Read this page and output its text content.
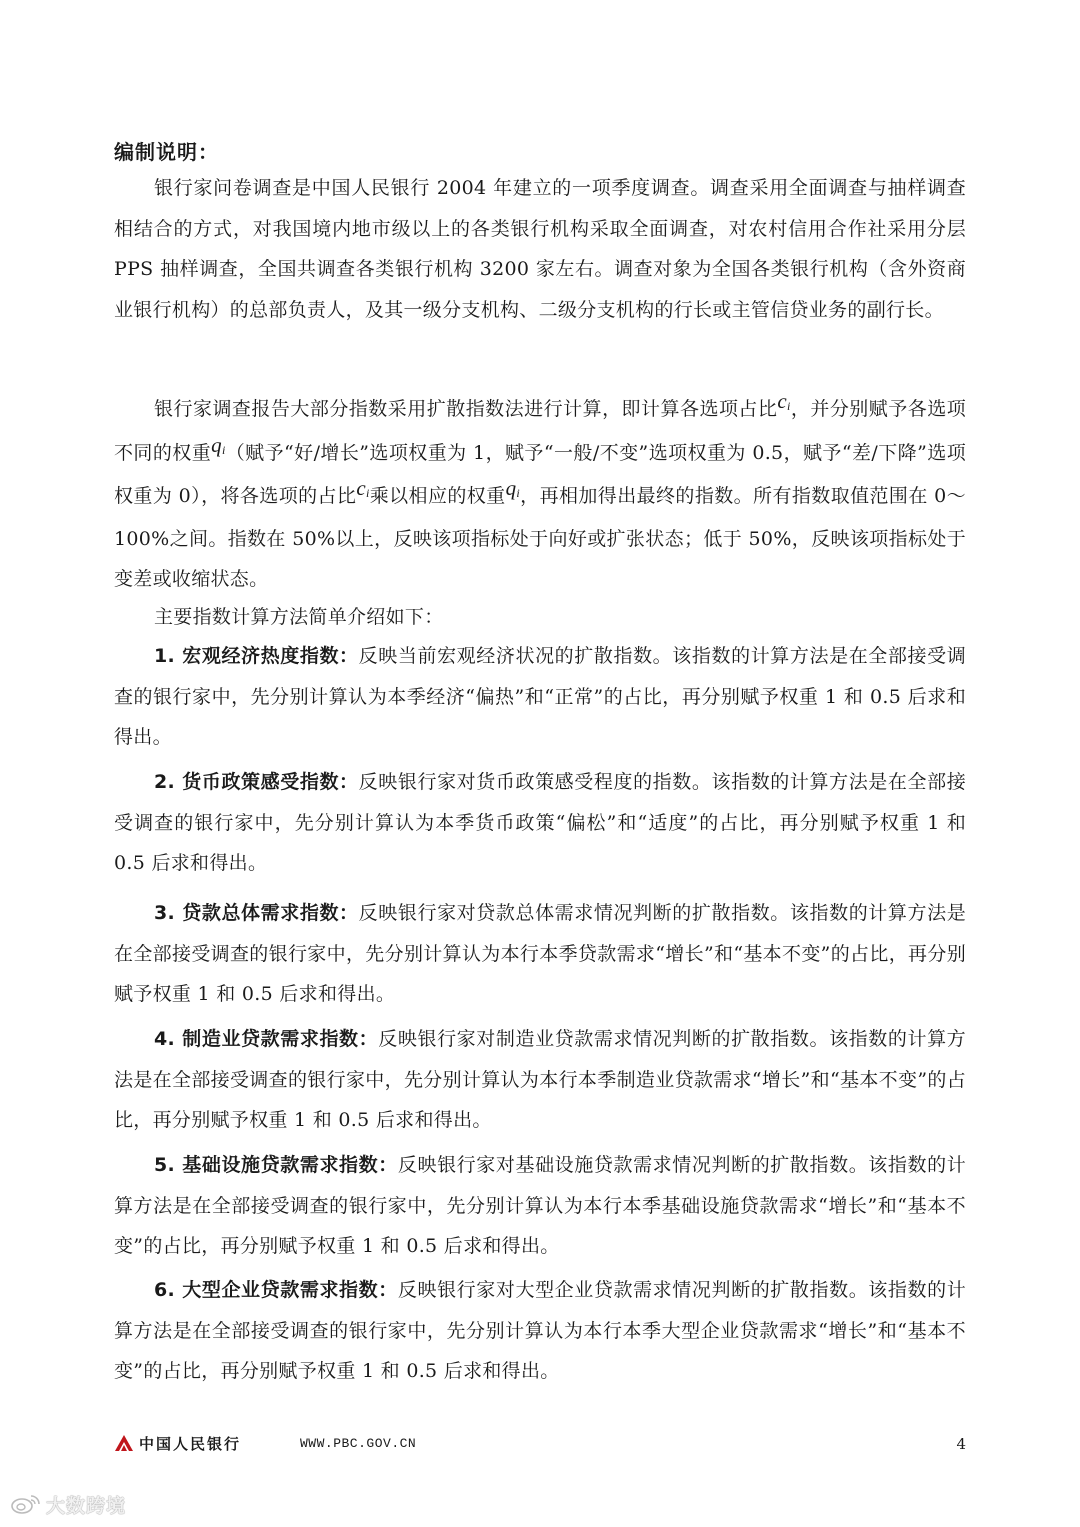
编制说明：
银行家问卷调查是中国人民银行 2004 年建立的一项季度调查。调查采用全面调查与抽样调查相结合的方式，对我国境内地市级以上的各类银行机构采取全面调查，对农村信用合作社采用分层 PPS 抽样调查，全国共调查各类银行机构 3200 家左右。调查对象为全国各类银行机构（含外资商业银行机构）的总部负责人，及其一级分支机构、二级分支机构的行长或主管信贷业务的副行长。
银行家调查报告大部分指数采用扩散指数法进行计算，即计算各选项占比$c_i$，并分别赋予各选项不同的权重$q_i$（赋予“好/增长”选项权重为 1，赋予“一般/不变”选项权重为 0.5，赋予“差/下降”选项权重为 0），将各选项的占比$c_i$乘以相应的权重$q_i$，再相加得出最终的指数。所有指数取值范围在 0～100%之间。指数在 50%以上，反映该项指标处于向好或扩张状态；低于 50%，反映该项指标处于变差或收缩状态。
主要指数计算方法简单介绍如下：
1. 宏观经济热度指数：反映当前宏观经济状况的扩散指数。该指数的计算方法是在全部接受调查的银行家中，先分别计算认为本季经济“偏热”和“正常”的占比，再分别赋予权重 1 和 0.5 后求和得出。
2. 货币政策感受指数：反映银行家对货币政策感受程度的指数。该指数的计算方法是在全部接受调查的银行家中，先分别计算认为本季货币政策“偏松”和“适度”的占比，再分别赋予权重 1 和 0.5 后求和得出。
3. 贷款总体需求指数：反映银行家对贷款总体需求情况判断的扩散指数。该指数的计算方法是在全部接受调查的银行家中，先分别计算认为本行本季贷款需求“增长”和“基本不变”的占比，再分别赋予权重 1 和 0.5 后求和得出。
4. 制造业贷款需求指数：反映银行家对制造业贷款需求情况判断的扩散指数。该指数的计算方法是在全部接受调查的银行家中，先分别计算认为本行本季制造业贷款需求“增长”和“基本不变”的占比，再分别赋予权重 1 和 0.5 后求和得出。
5. 基础设施贷款需求指数：反映银行家对基础设施贷款需求情况判断的扩散指数。该指数的计算方法是在全部接受调查的银行家中，先分别计算认为本行本季基础设施贷款需求“增长”和“基本不变”的占比，再分别赋予权重 1 和 0.5 后求和得出。
6. 大型企业贷款需求指数：反映银行家对大型企业贷款需求情况判断的扩散指数。该指数的计算方法是在全部接受调查的银行家中，先分别计算认为本行本季大型企业贷款需求“增长”和“基本不变”的占比，再分别赋予权重 1 和 0.5 后求和得出。
中国人民银行	WWW.PBC.GOV.CN	4
大数跨境
